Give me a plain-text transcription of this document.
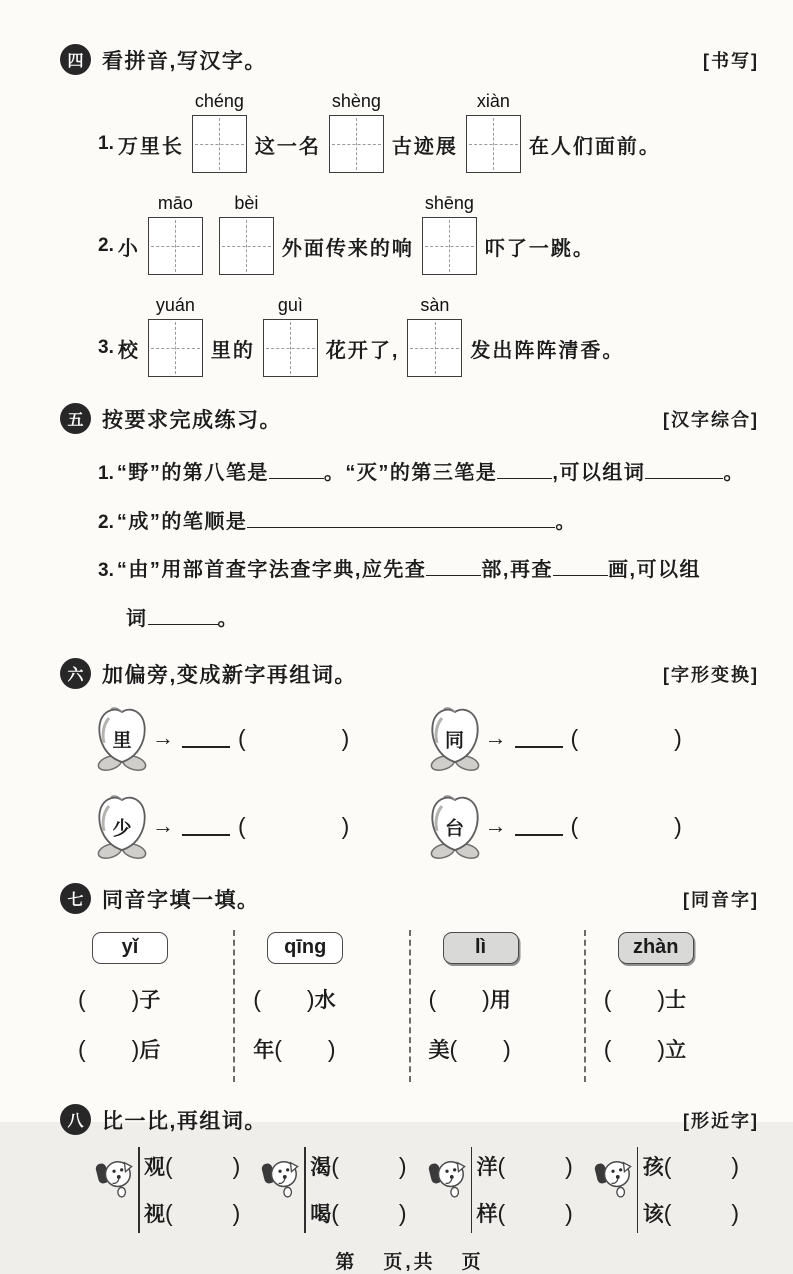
四 看拼音,写汉字。	[书写]
1. 万里长
chéng
这一名
shèng
古迹展
xiàn
在人们面前。
2. 小
māo bèi
外面传来的响
shēng
吓了一跳。
3. 校
yuán
里的
guì
花开了,
sàn
发出阵阵清香。
五 按要求完成练习。	[汉字综合]
1. “野”的第八笔是	。“灭”的第三笔是	,可以组词	。
2. “成”的笔顺是	。
3. “由”用部首查字法查字典,应先查	部,再查	画,可以组
词	。
六 加偏旁,变成新字再组词。	[字形变换]
里 →	(	)	同 →	(	)
少 →	(	)	台 →	(	)
七 同音字填一填。	[同音字]
yǐ
( )子
( )后
qīng
( )水
年( )
lì
( )用
美( )
zhàn
( )士
( )立
八 比一比,再组词。	[形近字]
观(	)
视(	)
渴(	)
喝(	)
洋(	)
样(	)
孩(	)
该(	)
第 页,共 页
